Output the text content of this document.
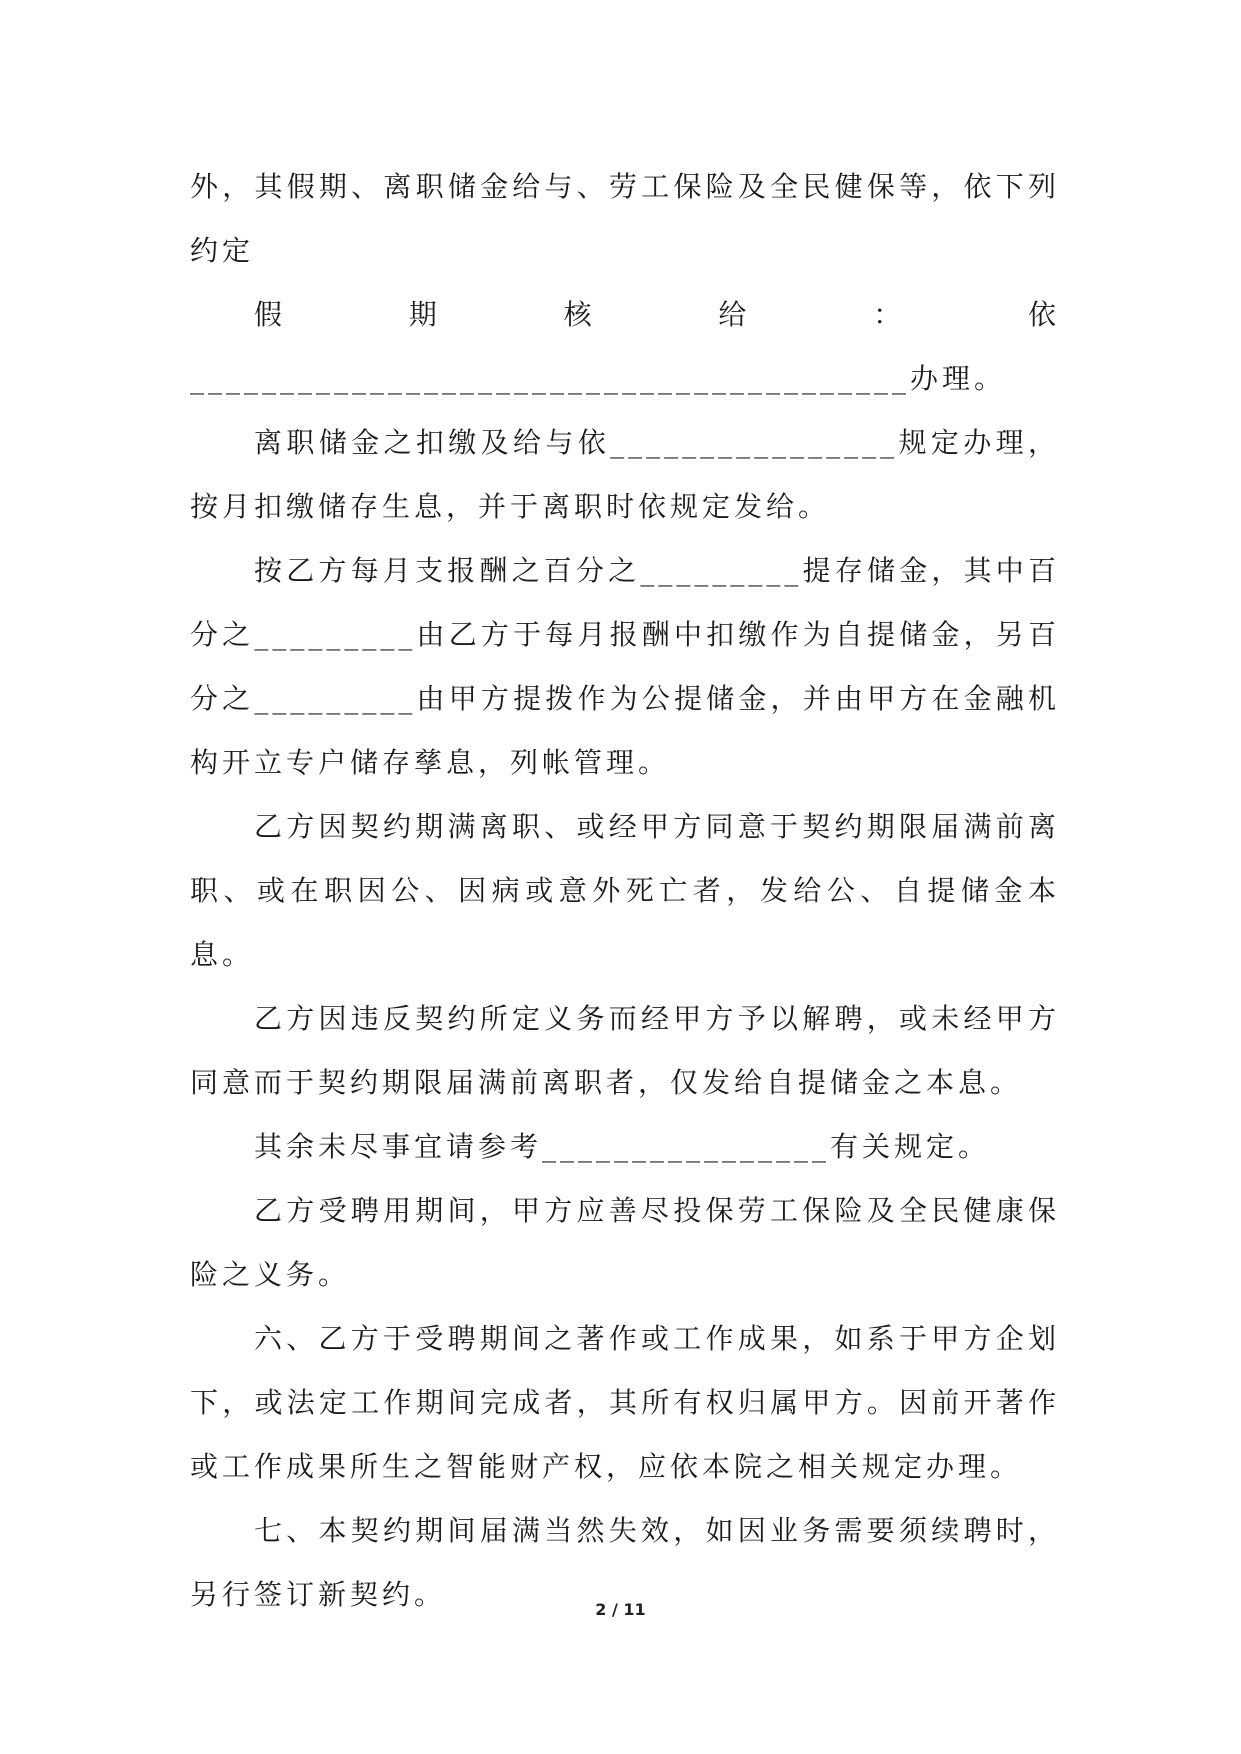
外，其假期、离职储金给与、劳工保险及全民健保等，依下列约定

假期核给：依________________________________________办理。

离职储金之扣缴及给与依________________规定办理，按月扣缴储存生息，并于离职时依规定发给。

按乙方每月支报酬之百分之_________提存储金，其中百分之_________由乙方于每月报酬中扣缴作为自提储金，另百分之_________由甲方提拨作为公提储金，并由甲方在金融机构开立专户储存孳息，列帐管理。

乙方因契约期满离职、或经甲方同意于契约期限届满前离职、或在职因公、因病或意外死亡者，发给公、自提储金本息。

乙方因违反契约所定义务而经甲方予以解聘，或未经甲方同意而于契约期限届满前离职者，仅发给自提储金之本息。

其余未尽事宜请参考________________有关规定。

乙方受聘用期间，甲方应善尽投保劳工保险及全民健康保险之义务。

六、乙方于受聘期间之著作或工作成果，如系于甲方企划下，或法定工作期间完成者，其所有权归属甲方。因前开著作或工作成果所生之智能财产权，应依本院之相关规定办理。

七、本契约期间届满当然失效，如因业务需要须续聘时，另行签订新契约。	2 / 11
